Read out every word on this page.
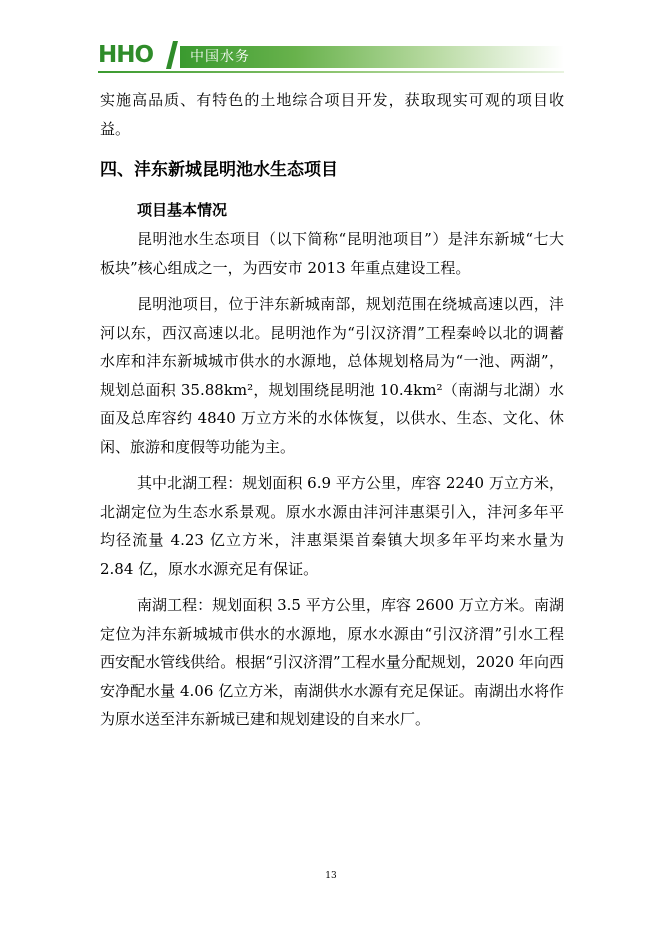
HHO	中国水务

实施高品质、有特色的土地综合项目开发，获取现实可观的项目收益。

四、沣东新城昆明池水生态项目
项目基本情况

昆明池水生态项目（以下简称“昆明池项目”）是沣东新城“七大板块”核心组成之一，为西安市 2013 年重点建设工程。

昆明池项目，位于沣东新城南部，规划范围在绕城高速以西，沣河以东，西汉高速以北。昆明池作为“引汉济渭”工程秦岭以北的调蓄水库和沣东新城城市供水的水源地，总体规划格局为“一池、两湖”，规划总面积 35.88km²，规划围绕昆明池 10.4km²（南湖与北湖）水面及总库容约 4840 万立方米的水体恢复，以供水、生态、文化、休闲、旅游和度假等功能为主。

其中北湖工程：规划面积 6.9 平方公里，库容 2240 万立方米，北湖定位为生态水系景观。原水水源由沣河沣惠渠引入，沣河多年平均径流量 4.23 亿立方米，沣惠渠渠首秦镇大坝多年平均来水量为 2.84 亿，原水水源充足有保证。

南湖工程：规划面积 3.5 平方公里，库容 2600 万立方米。南湖定位为沣东新城城市供水的水源地，原水水源由“引汉济渭”引水工程西安配水管线供给。根据“引汉济渭”工程水量分配规划，2020 年向西安净配水量 4.06 亿立方米，南湖供水水源有充足保证。南湖出水将作为原水送至沣东新城已建和规划建设的自来水厂。

13
